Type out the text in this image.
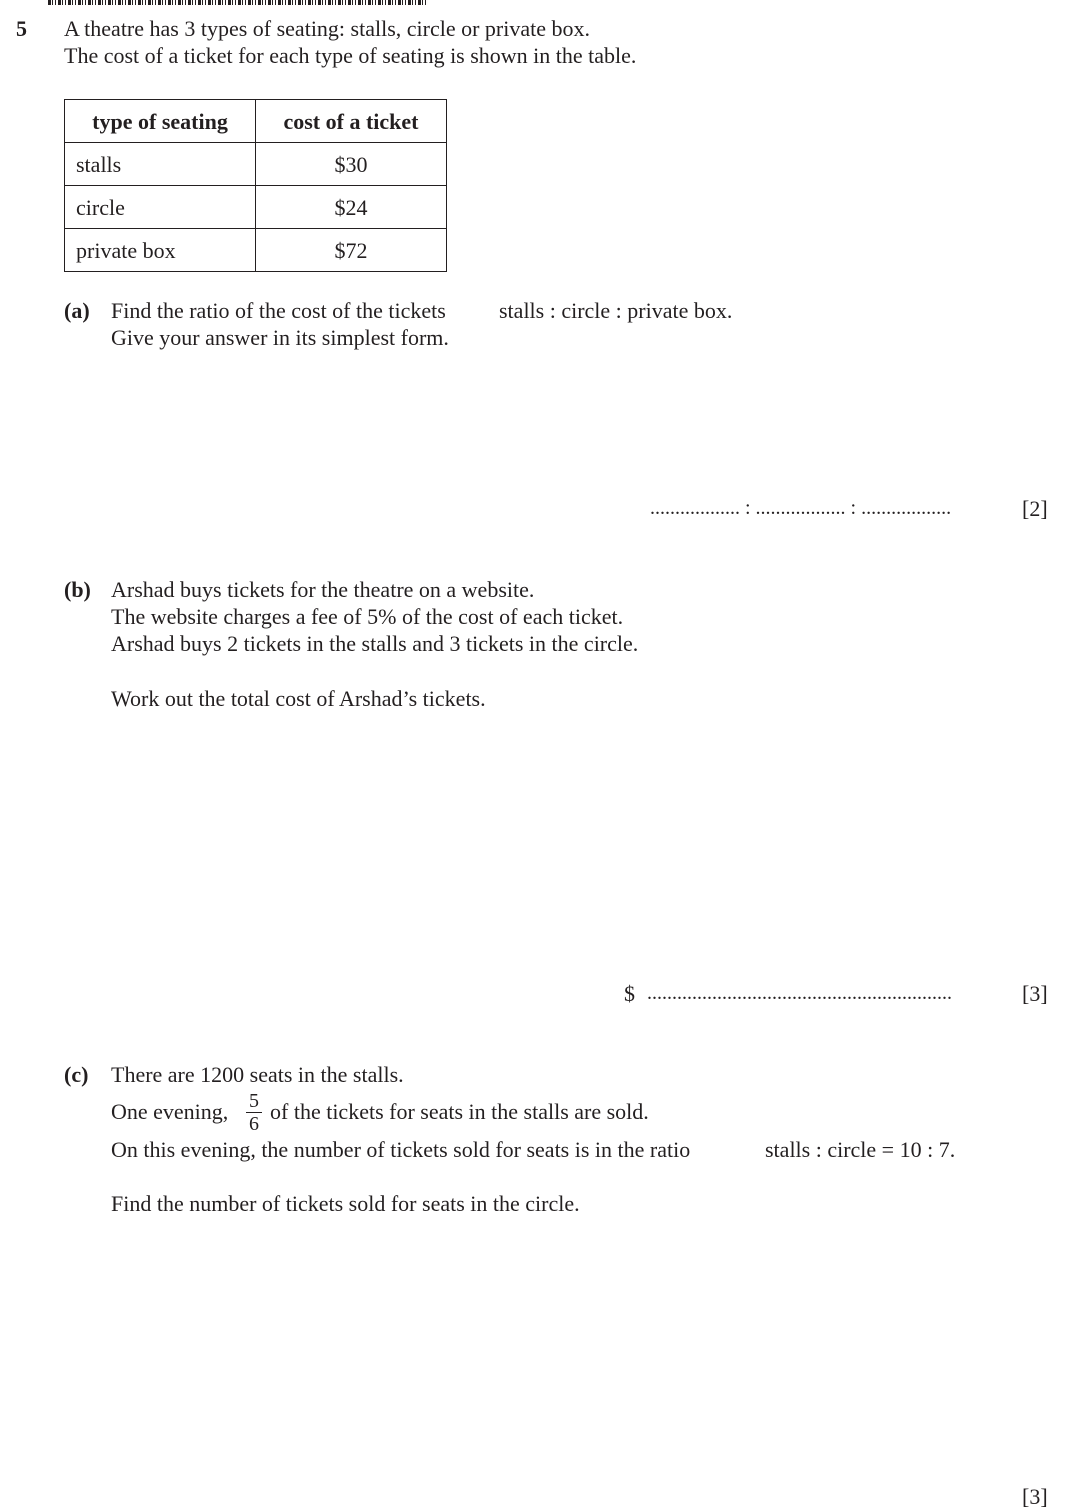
5 A theatre has 3 types of seating: stalls, circle or private box.
The cost of a ticket for each type of seating is shown in the table.
type of seating	cost of a ticket
stalls	$30
circle	$24
private box	$72
(a) Find the ratio of the cost of the tickets stalls : circle : private box.
Give your answer in its simplest form.
.................. : .................. : ..................	[2]
(b) Arshad buys tickets for the theatre on a website.
The website charges a fee of 5% of the cost of each ticket.
Arshad buys 2 tickets in the stalls and 3 tickets in the circle.
Work out the total cost of Arshad’s tickets.
$ .............................................................	[3]
(c) There are 1200 seats in the stalls.
One evening, 5
6 of the tickets for seats in the stalls are sold.
On this evening, the number of tickets sold for seats is in the ratio	stalls : circle = 10 : 7.
Find the number of tickets sold for seats in the circle.
[3]
